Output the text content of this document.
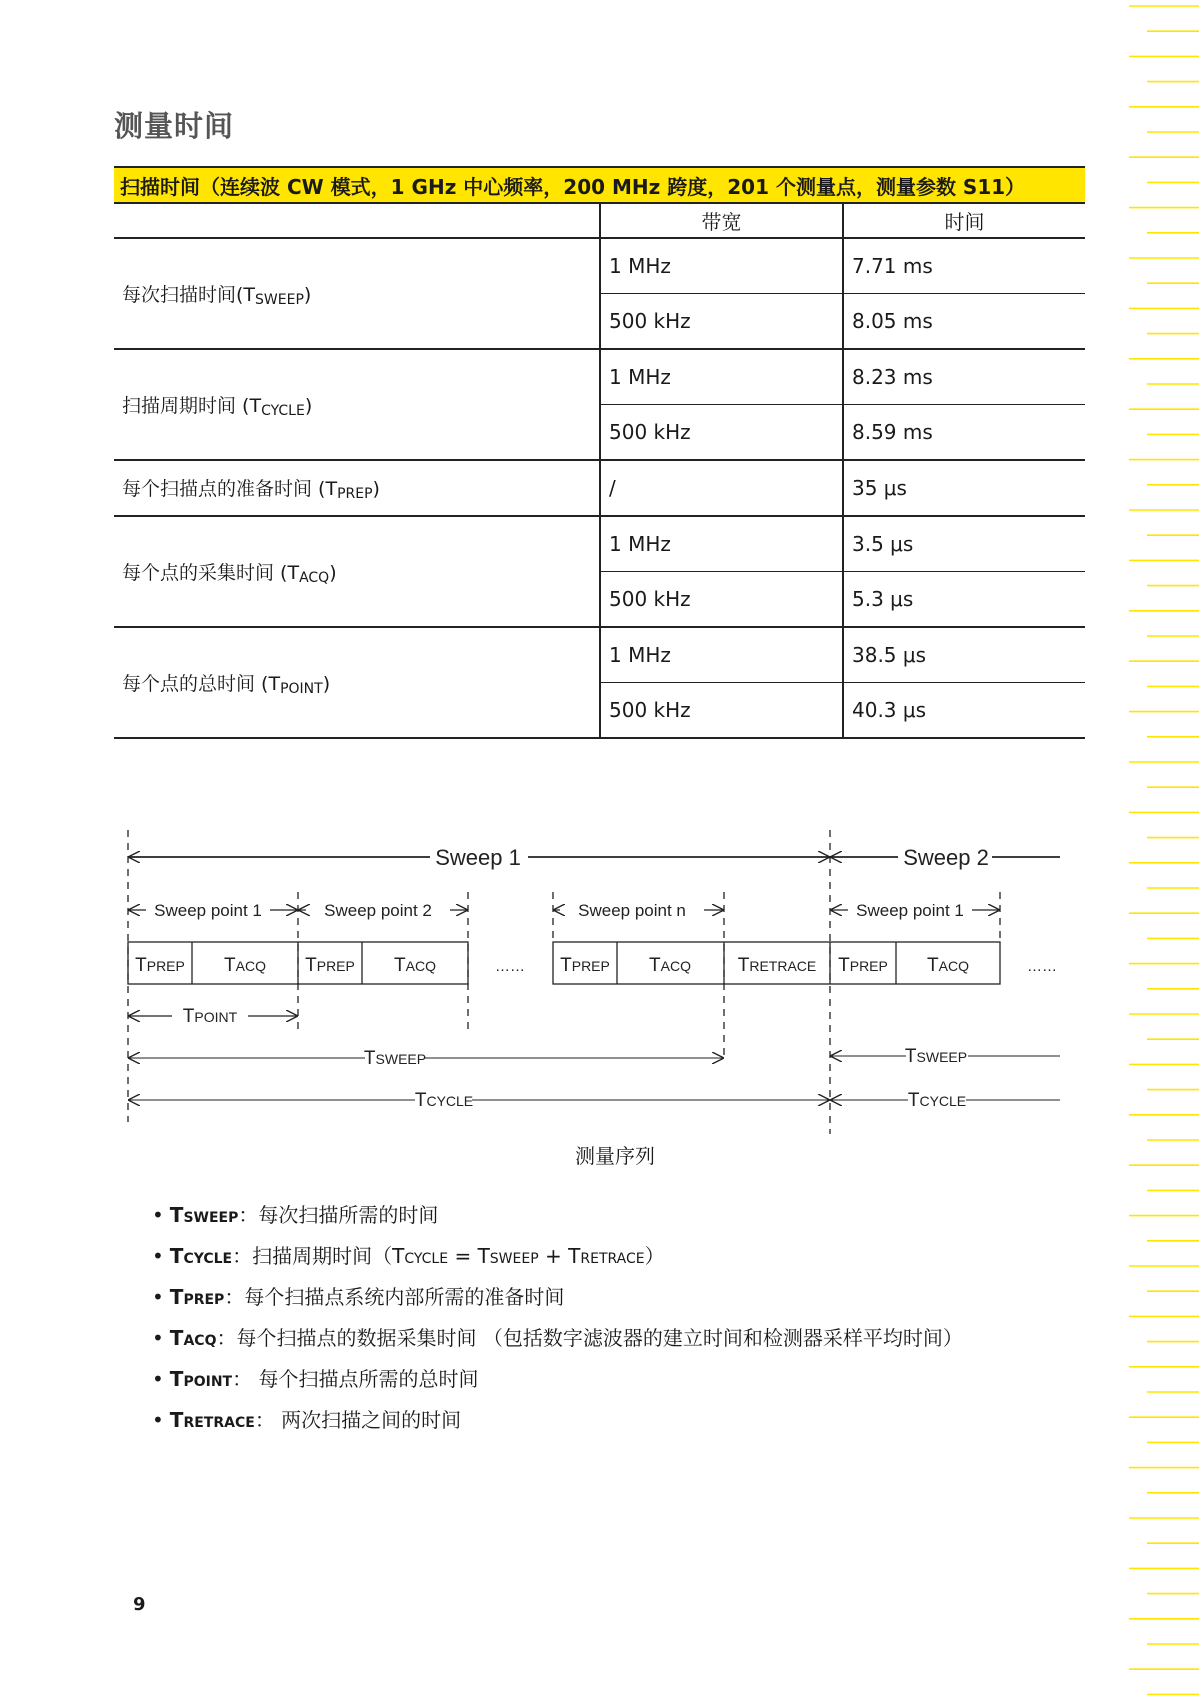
测量时间
扫描时间（连续波 CW 模式，1 GHz 中心频率，200 MHz 跨度，201 个测量点，测量参数 S11）		
	带宽	时间
每次扫描时间$(T_{SWEEP})$	1 MHz	7.71 ms
	500 kHz	8.05 ms
扫描周期时间 $(T_{CYCLE})$	1 MHz	8.23 ms
	500 kHz	8.59 ms
每个扫描点的准备时间 $(T_{PREP})$	/	35 μs
每个点的采集时间 $(T_{ACQ})$	1 MHz	3.5 μs
	500 kHz	5.3 μs
每个点的总时间 $(T_{POINT})$	1 MHz	38.5 μs
	500 kHz	40.3 μs
Sweep 1	Sweep 2
Sweep point 1	Sweep point 2	Sweep point n	Sweep point 1
TPREP TACQ TPREP TACQ	…… TPREP TACQ TRETRACE TPREP TACQ	……
TPOINT
TSWEEP	TSWEEP
TCYCLE	TCYCLE
测量序列
• TSWEEP：每次扫描所需的时间
• TCYCLE：扫描周期时间（TCYCLE = TSWEEP + TRETRACE）
• TPREP：每个扫描点系统内部所需的准备时间
• TACQ：每个扫描点的数据采集时间 （包括数字滤波器的建立时间和检测器采样平均时间）
• TPOINT： 每个扫描点所需的总时间
• TRETRACE： 两次扫描之间的时间
9
